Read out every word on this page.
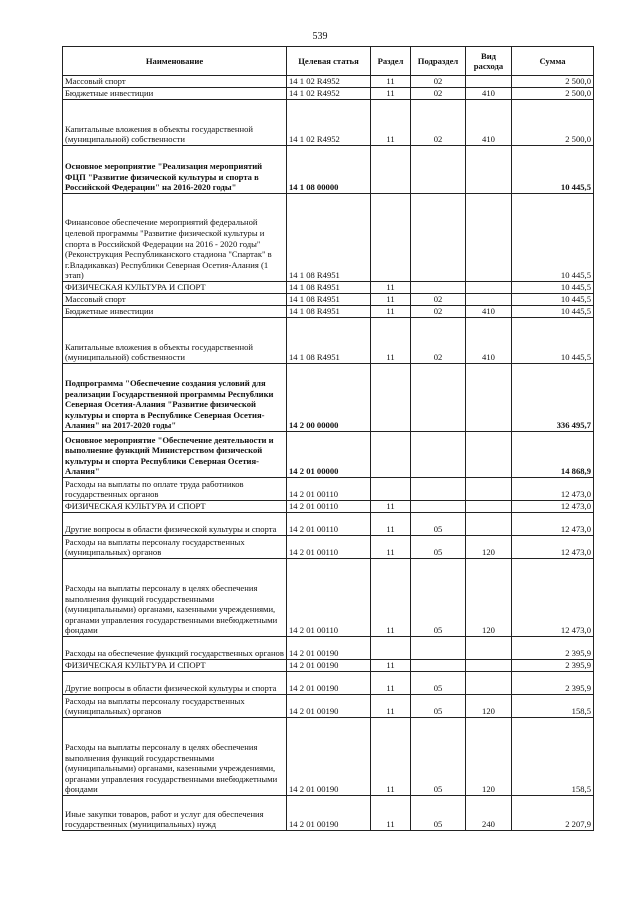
539
Наименование	Целевая статья	Раздел	Подраздел	Вид расхода	Сумма
Массовый спорт	14 1 02 R4952	11	02		2 500,0
Бюджетные инвестиции	14 1 02 R4952	11	02	410	2 500,0
Капитальные вложения в объекты государственной (муниципальной) собственности	14 1 02 R4952	11	02	410	2 500,0
Основное мероприятие "Реализация мероприятий ФЦП "Развитие физической культуры и спорта в Российской Федерации" на 2016-2020 годы"	14 1 08 00000				10 445,5
Финансовое обеспечение мероприятий федеральной целевой программы "Развитие физической культуры и спорта в Российской Федерации на 2016 - 2020 годы" (Реконструкция Республиканского стадиона "Спартак" в г.Владикавказ) Республики Северная Осетия-Алания (1 этап)	14 1 08 R4951				10 445,5
ФИЗИЧЕСКАЯ КУЛЬТУРА И СПОРТ	14 1 08 R4951	11			10 445,5
Массовый спорт	14 1 08 R4951	11	02		10 445,5
Бюджетные инвестиции	14 1 08 R4951	11	02	410	10 445,5
Капитальные вложения в объекты государственной (муниципальной) собственности	14 1 08 R4951	11	02	410	10 445,5
Подпрограмма "Обеспечение создания условий для реализации Государственной программы Республики Северная Осетия-Алания "Развитие физической культуры и спорта в Республике Северная Осетия-Алания" на 2017-2020 годы"	14 2 00 00000				336 495,7
Основное мероприятие "Обеспечение деятельности и выполнение функций Министерством физической культуры и спорта Республики Северная Осетия-Алания"	14 2 01 00000				14 868,9
Расходы на выплаты по оплате труда работников государственных органов	14 2 01 00110				12 473,0
ФИЗИЧЕСКАЯ КУЛЬТУРА И СПОРТ	14 2 01 00110	11			12 473,0
Другие вопросы в области физической культуры и спорта	14 2 01 00110	11	05		12 473,0
Расходы на выплаты персоналу государственных (муниципальных) органов	14 2 01 00110	11	05	120	12 473,0
Расходы на выплаты персоналу в целях обеспечения выполнения функций государственными (муниципальными) органами, казенными учреждениями, органами управления государственными внебюджетными фондами	14 2 01 00110	11	05	120	12 473,0
Расходы на обеспечение функций государственных органов	14 2 01 00190				2 395,9
ФИЗИЧЕСКАЯ КУЛЬТУРА И СПОРТ	14 2 01 00190	11			2 395,9
Другие вопросы в области физической культуры и спорта	14 2 01 00190	11	05		2 395,9
Расходы на выплаты персоналу государственных (муниципальных) органов	14 2 01 00190	11	05	120	158,5
Расходы на выплаты персоналу в целях обеспечения выполнения функций государственными (муниципальными) органами, казенными учреждениями, органами управления государственными внебюджетными фондами	14 2 01 00190	11	05	120	158,5
Иные закупки товаров, работ и услуг для обеспечения государственных (муниципальных) нужд	14 2 01 00190	11	05	240	2 207,9
